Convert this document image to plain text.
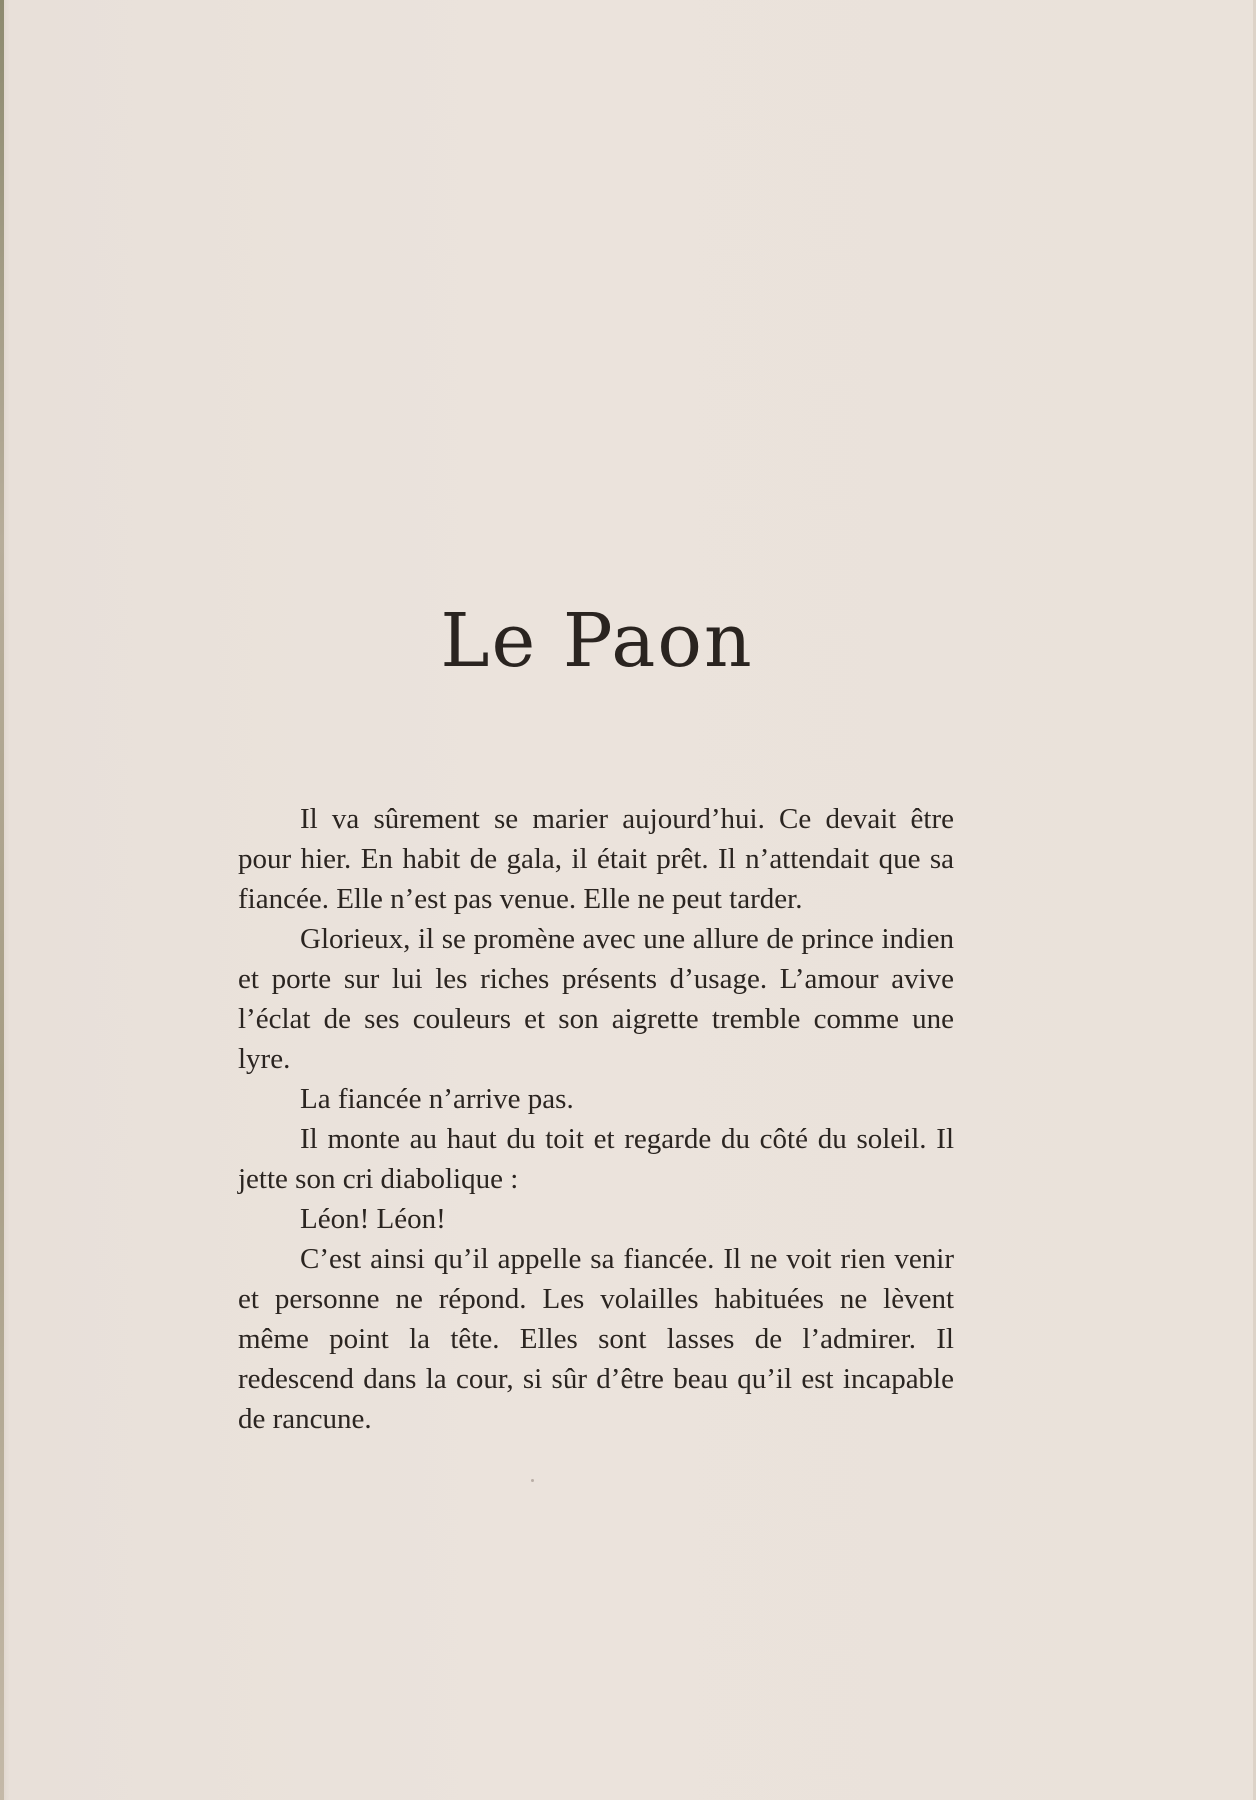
Le Paon

Il va sûrement se marier aujourd’hui. Ce devait être pour hier. En habit de gala, il était prêt. Il n’attendait que sa fiancée. Elle n’est pas venue. Elle ne peut tarder.

Glorieux, il se promène avec une allure de prince indien et porte sur lui les riches présents d’usage. L’amour avive l’éclat de ses couleurs et son aigrette tremble comme une lyre.

La fiancée n’arrive pas.

Il monte au haut du toit et regarde du côté du soleil. Il jette son cri diabolique :

Léon! Léon!

C’est ainsi qu’il appelle sa fiancée. Il ne voit rien venir et personne ne répond. Les volailles habituées ne lèvent même point la tête. Elles sont lasses de l’admirer. Il redescend dans la cour, si sûr d’être beau qu’il est incapable de rancune.
